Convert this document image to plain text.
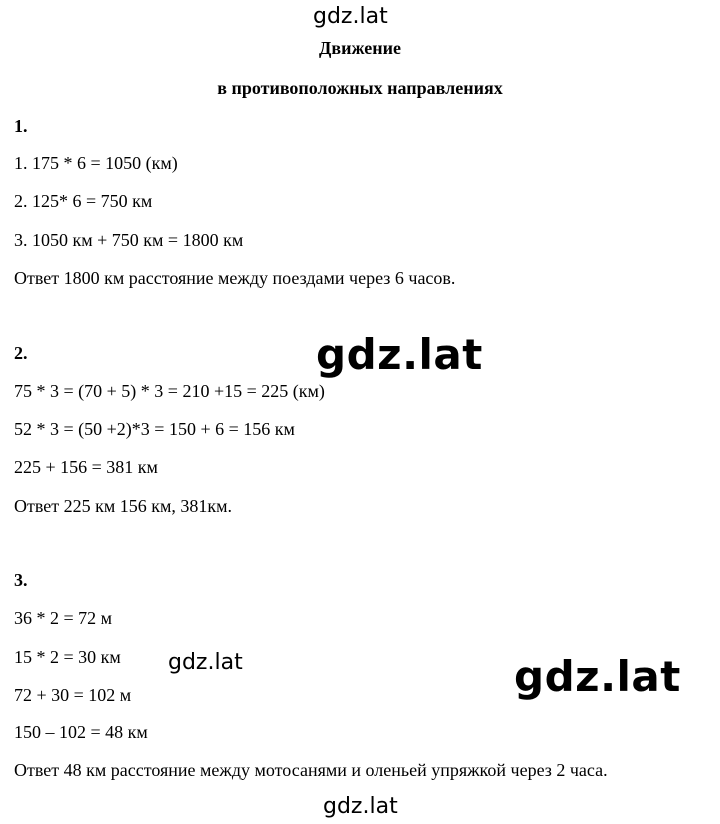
gdz.lat
Движение
в противоположных направлениях
1.
1. 175 * 6 = 1050 (км)
2. 125* 6 = 750 км
3. 1050 км + 750 км = 1800 км
Ответ 1800 км расстояние между поездами через 6 часов.
2.
75 * 3 = (70 + 5) * 3 = 210 +15 = 225 (км)
52 * 3 = (50 +2)*3 = 150 + 6 = 156 км
225 + 156 = 381 км
Ответ 225 км 156 км, 381км.
gdz.lat
3.
36 * 2 = 72 м
15 * 2 = 30 км
72 + 30 = 102 м
150 – 102 = 48 км
Ответ 48 км расстояние между мотосанями и оленьей упряжкой через 2 часа.
gdz.lat	gdz.lat
gdz.lat
